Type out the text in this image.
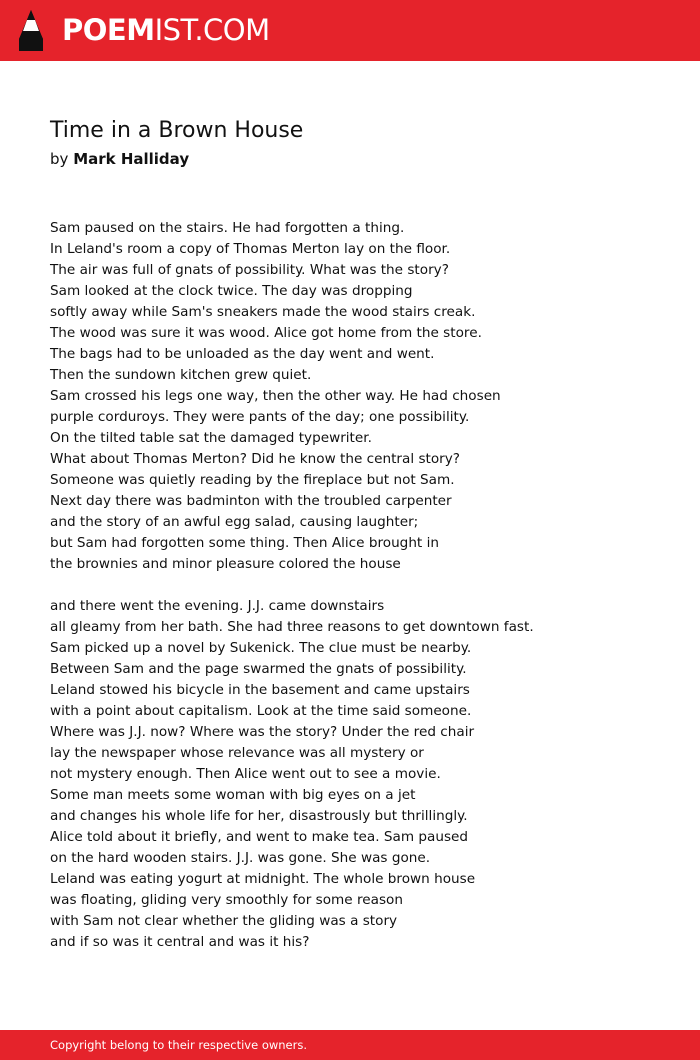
POEMIST.COM
Time in a Brown House
by Mark Halliday
Sam paused on the stairs. He had forgotten a thing.
In Leland's room a copy of Thomas Merton lay on the floor.
The air was full of gnats of possibility. What was the story?
Sam looked at the clock twice. The day was dropping
softly away while Sam's sneakers made the wood stairs creak.
The wood was sure it was wood. Alice got home from the store.
The bags had to be unloaded as the day went and went.
Then the sundown kitchen grew quiet.
Sam crossed his legs one way, then the other way. He had chosen
purple corduroys. They were pants of the day; one possibility.
On the tilted table sat the damaged typewriter.
What about Thomas Merton? Did he know the central story?
Someone was quietly reading by the fireplace but not Sam.
Next day there was badminton with the troubled carpenter
and the story of an awful egg salad, causing laughter;
but Sam had forgotten some thing. Then Alice brought in
the brownies and minor pleasure colored the house
and there went the evening. J.J. came downstairs
all gleamy from her bath. She had three reasons to get downtown fast.
Sam picked up a novel by Sukenick. The clue must be nearby.
Between Sam and the page swarmed the gnats of possibility.
Leland stowed his bicycle in the basement and came upstairs
with a point about capitalism. Look at the time said someone.
Where was J.J. now? Where was the story? Under the red chair
lay the newspaper whose relevance was all mystery or
not mystery enough. Then Alice went out to see a movie.
Some man meets some woman with big eyes on a jet
and changes his whole life for her, disastrously but thrillingly.
Alice told about it briefly, and went to make tea. Sam paused
on the hard wooden stairs. J.J. was gone. She was gone.
Leland was eating yogurt at midnight. The whole brown house
was floating, gliding very smoothly for some reason
with Sam not clear whether the gliding was a story
and if so was it central and was it his?
Copyright belong to their respective owners.
